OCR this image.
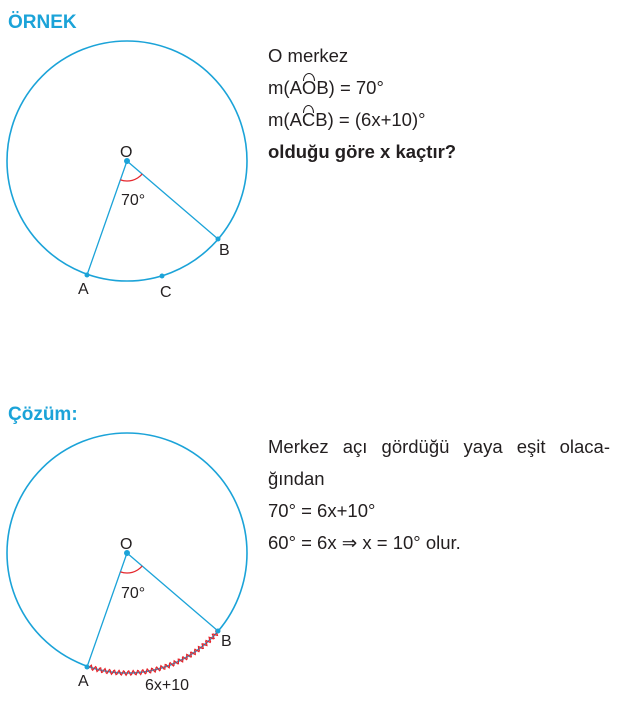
ÖRNEK
O
70°
A
B
C
O merkez
m(AOB) = 70°
m(ACB) = (6x+10)°
olduğu göre x kaçtır?
Çözüm:
O
70°
A
B
6x+10
Merkez açı gördüğü yaya eşit olaca-
ğından
70° = 6x+10°
60° = 6x ⇒ x = 10° olur.
